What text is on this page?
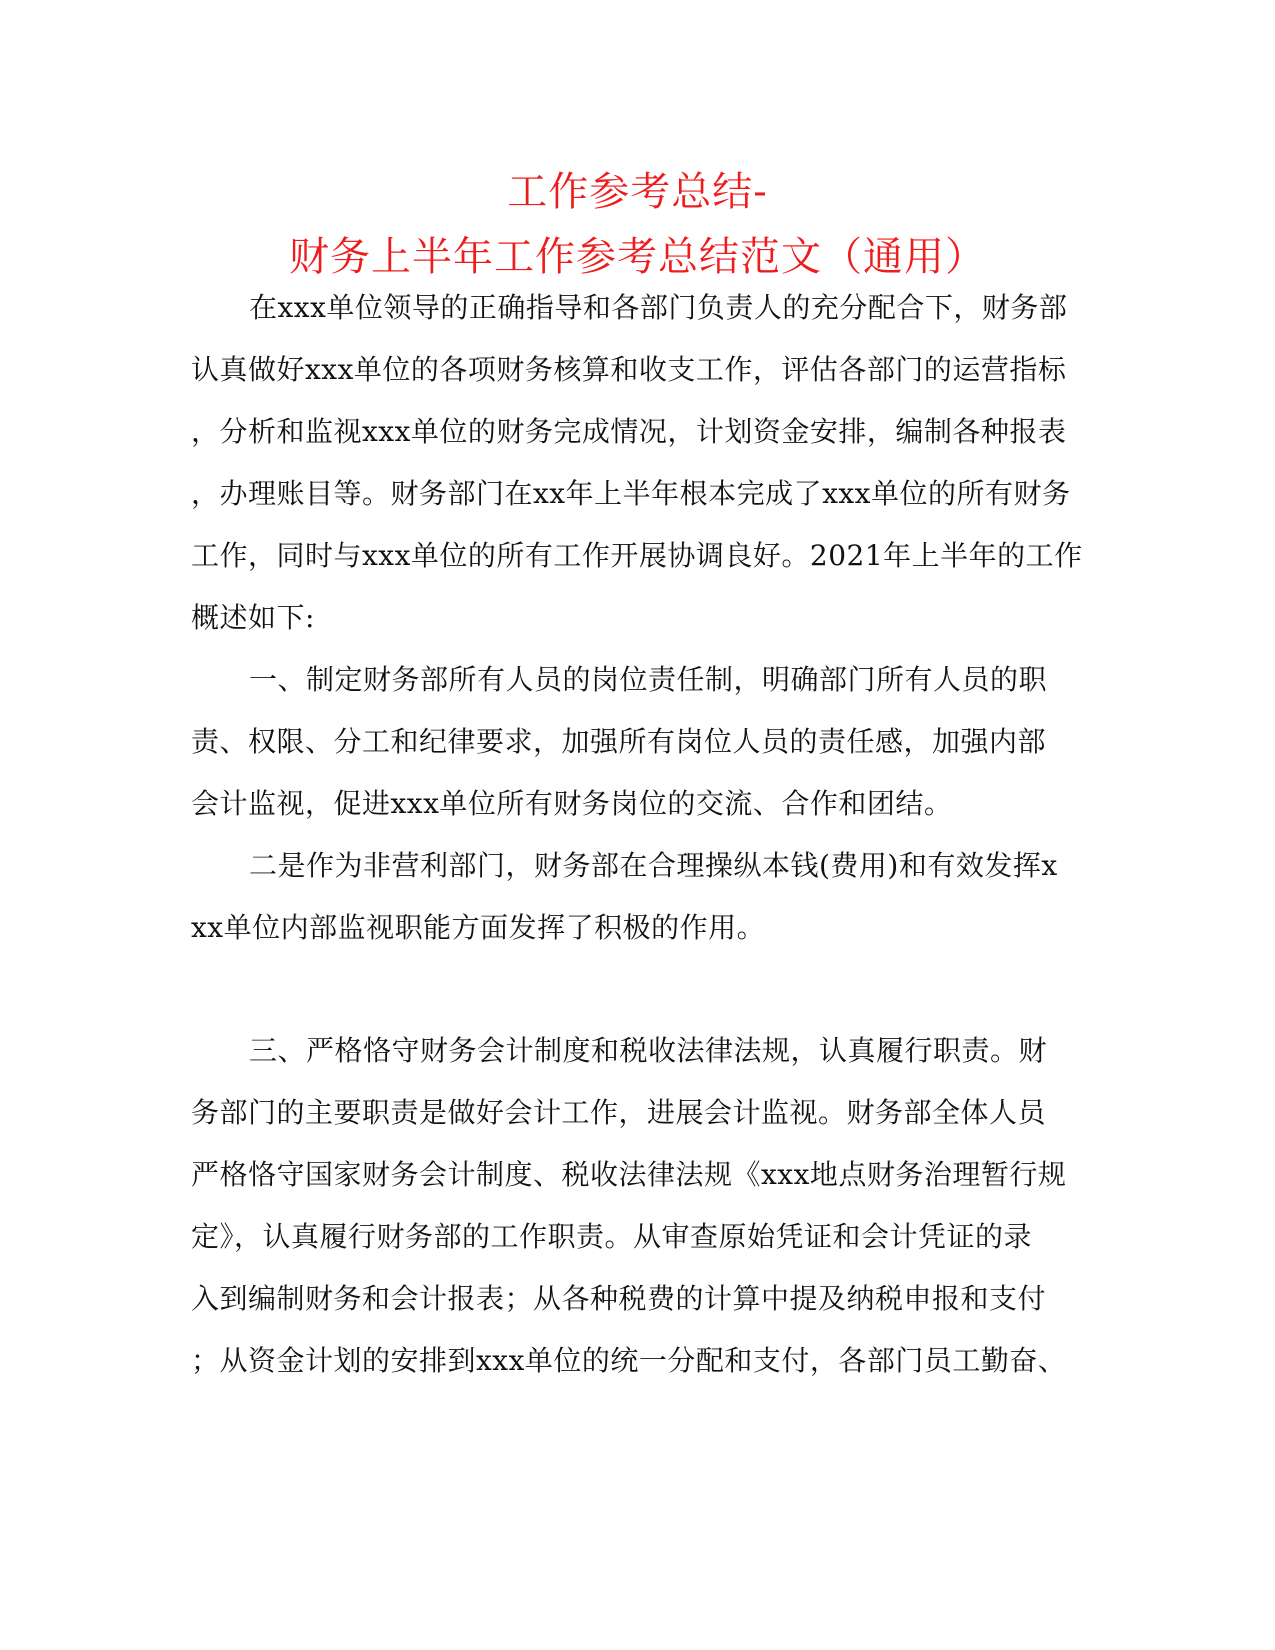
工作参考总结-
财务上半年工作参考总结范文（通用）
在xxx单位领导的正确指导和各部门负责人的充分配合下，财务部
认真做好xxx单位的各项财务核算和收支工作，评估各部门的运营指标
，分析和监视xxx单位的财务完成情况，计划资金安排，编制各种报表
，办理账目等。财务部门在xx年上半年根本完成了xxx单位的所有财务
工作，同时与xxx单位的所有工作开展协调良好。2021年上半年的工作
概述如下:
一、制定财务部所有人员的岗位责任制，明确部门所有人员的职
责、权限、分工和纪律要求，加强所有岗位人员的责任感，加强内部
会计监视，促进xxx单位所有财务岗位的交流、合作和团结。
二是作为非营利部门，财务部在合理操纵本钱(费用)和有效发挥x
xx单位内部监视职能方面发挥了积极的作用。
三、严格恪守财务会计制度和税收法律法规，认真履行职责。财
务部门的主要职责是做好会计工作，进展会计监视。财务部全体人员
严格恪守国家财务会计制度、税收法律法规《xxx地点财务治理暂行规
定》，认真履行财务部的工作职责。从审查原始凭证和会计凭证的录
入到编制财务和会计报表；从各种税费的计算中提及纳税申报和支付
；从资金计划的安排到xxx单位的统一分配和支付，各部门员工勤奋、
